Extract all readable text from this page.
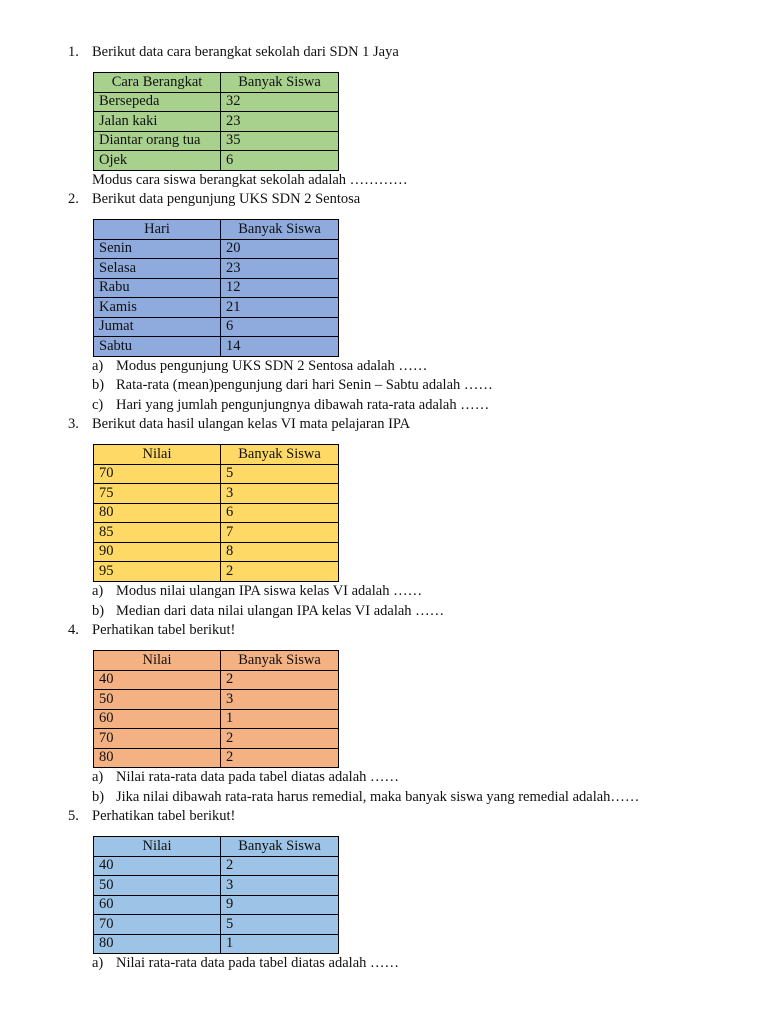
1. Berikut data cara berangkat sekolah dari SDN 1 Jaya
Cara Berangkat	Banyak Siswa
Bersepeda	32
Jalan kaki	23
Diantar orang tua	35
Ojek	6
Modus cara siswa berangkat sekolah adalah …………
2. Berikut data pengunjung UKS SDN 2 Sentosa
Hari	Banyak Siswa
Senin	20
Selasa	23
Rabu	12
Kamis	21
Jumat	6
Sabtu	14
a) Modus pengunjung UKS SDN 2 Sentosa adalah ……
b) Rata-rata (mean)pengunjung dari hari Senin – Sabtu adalah ……
c) Hari yang jumlah pengunjungnya dibawah rata-rata adalah ……
3. Berikut data hasil ulangan kelas VI mata pelajaran IPA
Nilai	Banyak Siswa
70	5
75	3
80	6
85	7
90	8
95	2
a) Modus nilai ulangan IPA siswa kelas VI adalah ……
b) Median dari data nilai ulangan IPA kelas VI adalah ……
4. Perhatikan tabel berikut!
Nilai	Banyak Siswa
40	2
50	3
60	1
70	2
80	2
a) Nilai rata-rata data pada tabel diatas adalah ……
b) Jika nilai dibawah rata-rata harus remedial, maka banyak siswa yang remedial adalah……
5. Perhatikan tabel berikut!
Nilai	Banyak Siswa
40	2
50	3
60	9
70	5
80	1
a) Nilai rata-rata data pada tabel diatas adalah ……
